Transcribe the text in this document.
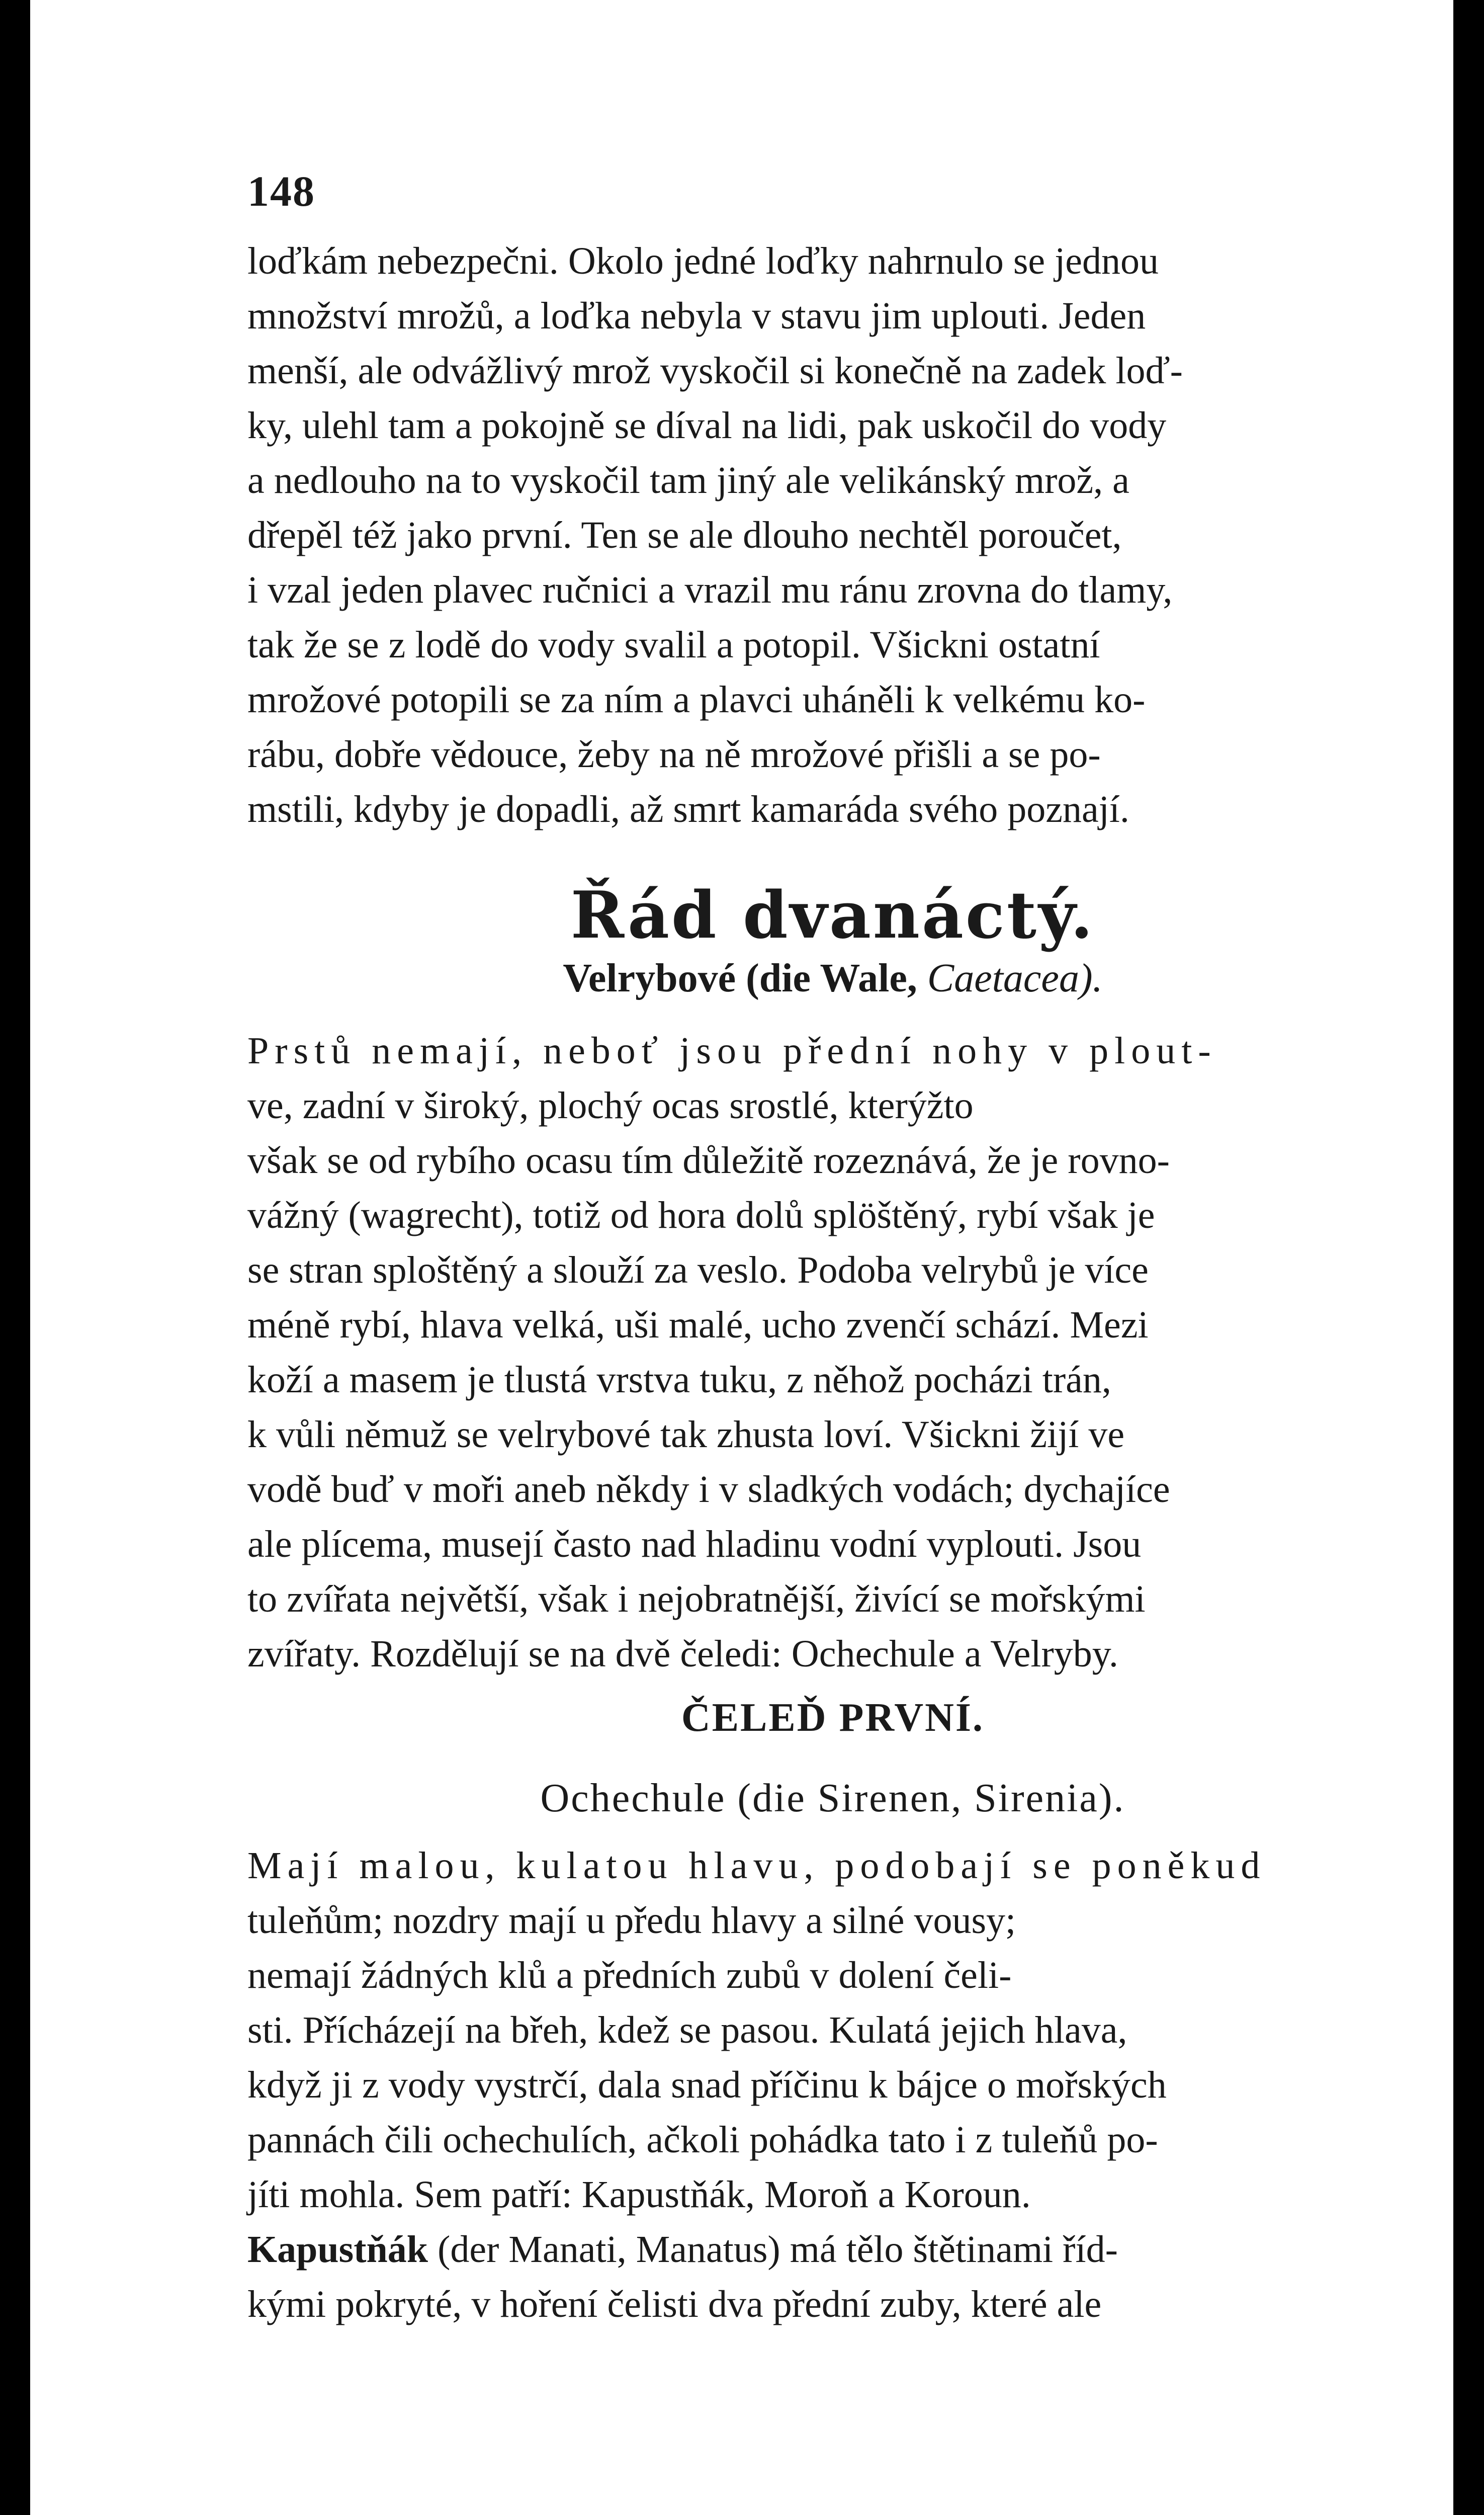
148
loďkám nebezpečni. Okolo jedné loďky nahrnulo se jednou
množství mrožů, a loďka nebyla v stavu jim uplouti. Jeden
menší, ale odvážlivý mrož vyskočil si konečně na zadek loď-
ky, ulehl tam a pokojně se díval na lidi, pak uskočil do vody
a nedlouho na to vyskočil tam jiný ale velikánský mrož, a
dřepěl též jako první. Ten se ale dlouho nechtěl poroučet,
i vzal jeden plavec ručnici a vrazil mu ránu zrovna do tlamy,
tak že se z lodě do vody svalil a potopil. Všickni ostatní
mrožové potopili se za ním a plavci uháněli k velkému ko-
rábu, dobře vědouce, žeby na ně mrožové přišli a se po-
mstili, kdyby je dopadli, až smrt kamaráda svého poznají.
Řád dvanáctý.
Velrybové (die Wale, Caetacea).
Prstů nemají, neboť jsou přední nohy v plout-
ve, zadní v široký, plochý ocas srostlé, kterýžto
však se od rybího ocasu tím důležitě rozeznává, že je rovno-
vážný (wagrecht), totiž od hora dolů splöštěný, rybí však je
se stran sploštěný a slouží za veslo. Podoba velrybů je více
méně rybí, hlava velká, uši malé, ucho zvenčí schází. Mezi
koží a masem je tlustá vrstva tuku, z něhož pocházi trán,
k vůli němuž se velrybové tak zhusta loví. Všickni žijí ve
vodě buď v moři aneb někdy i v sladkých vodách; dychajíce
ale plícema, musejí často nad hladinu vodní vyplouti. Jsou
to zvířata největší, však i nejobratnější, živící se mořskými
zvířaty. Rozdělují se na dvě čeledi: Ochechule a Velryby.
ČELEĎ PRVNÍ.
Ochechule (die Sirenen, Sirenia).
Mají malou, kulatou hlavu, podobají se poněkud
tuleňům; nozdry mají u předu hlavy a silné vousy;
nemají žádných klů a předních zubů v dolení čeli-
sti. Přícházejí na břeh, kdež se pasou. Kulatá jejich hlava,
když ji z vody vystrčí, dala snad příčinu k bájce o mořských
pannách čili ochechulích, ačkoli pohádka tato i z tuleňů po-
jíti mohla. Sem patří: Kapustňák, Moroň a Koroun.
Kapustňák (der Manati, Manatus) má tělo štětinami říd-
kými pokryté, v hoření čelisti dva přední zuby, které ale
